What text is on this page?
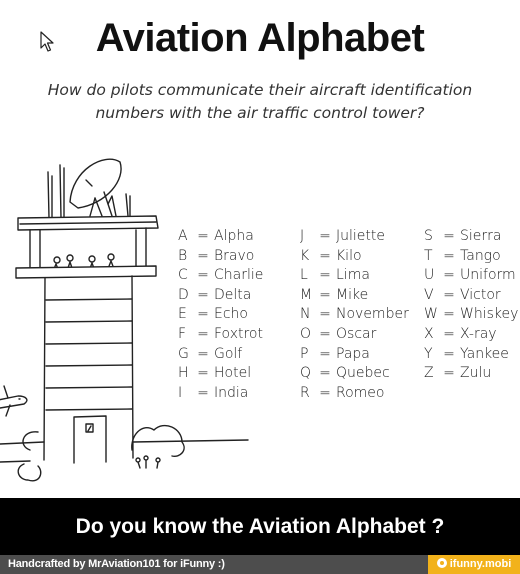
Aviation Alphabet

How do pilots communicate their aircraft identification
numbers with the air traffic control tower?

A = Alpha
B = Bravo
C = Charlie
D = Delta
E = Echo
F = Foxtrot
G = Golf
H = Hotel
I = India
J = Juliette
K = Kilo
L = Lima
M = Mike
N = November
O = Oscar
P = Papa
Q = Quebec
R = Romeo
S = Sierra
T = Tango
U = Uniform
V = Victor
W = Whiskey
X = X-ray
Y = Yankee
Z = Zulu

Do you know the Aviation Alphabet ?

Handcrafted by MrAviation101 for iFunny :)	ifunny.mobi
